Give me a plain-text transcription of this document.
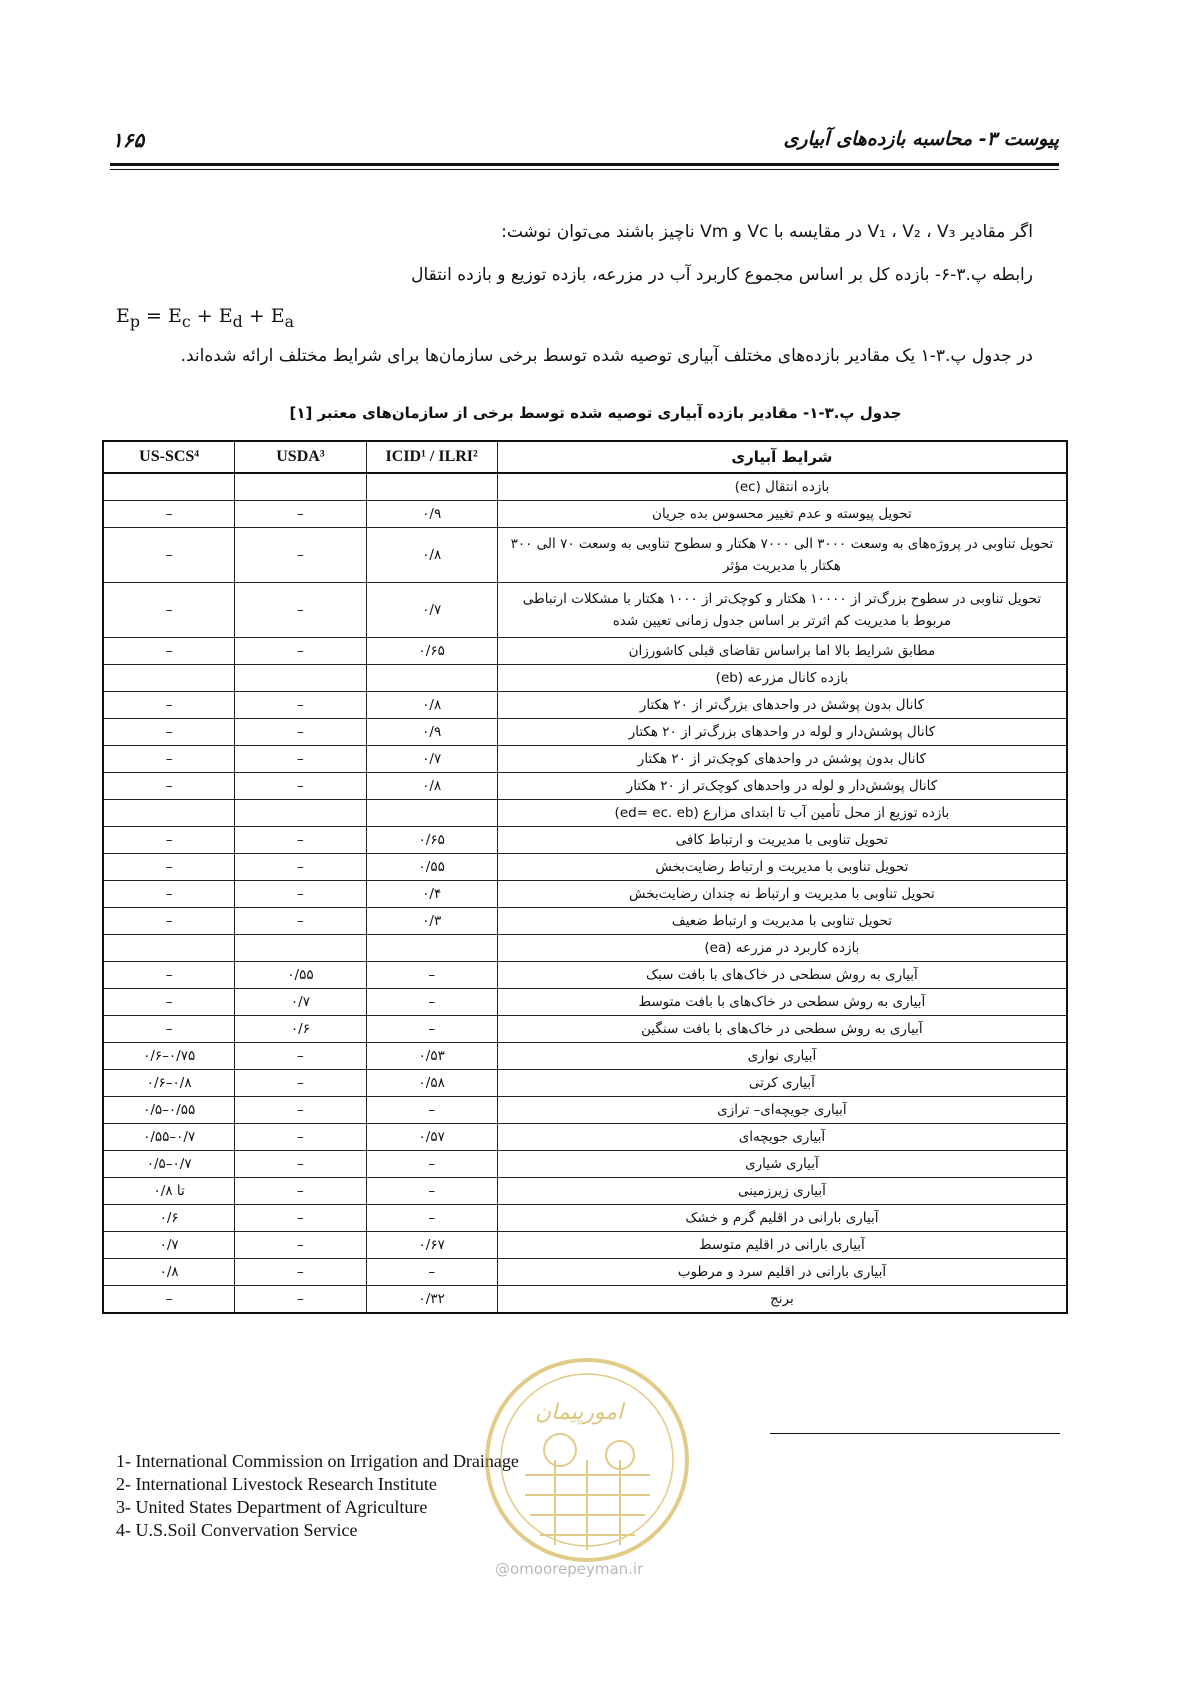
۱۶۵	پیوست ۳- محاسبه بازده‌های آبیاری
اگر مقادیر V₁ ، V₂ ، V₃ در مقایسه با Vc و Vm ناچیز باشند می‌توان نوشت:
رابطه پ.۳-۶- بازده کل بر اساس مجموع کاربرد آب در مزرعه، بازده توزیع و بازده انتقال
$E_p = E_c + E_d + E_a$
در جدول پ.۳-۱ یک مقادیر بازده‌های مختلف آبیاری توصیه شده توسط برخی سازمان‌ها برای شرایط مختلف ارائه شده‌اند.
جدول پ.۳-۱- مقادیر بازده آبیاری توصیه شده توسط برخی از سازمان‌های معتبر [۱]
شرایط آبیاری	ICID¹ / ILRI²	USDA³	US-SCS⁴
بازده انتقال (ec)			
تحویل پیوسته و عدم تغییر محسوس بده جریان	۰/۹	–	–
تحویل تناوبی در پروژه‌های به وسعت ۳۰۰۰ الی ۷۰۰۰ هکتار و سطوح تناوبی به وسعت ۷۰ الی ۳۰۰ هکتار با مدیریت مؤثر	۰/۸	–	–
تحویل تناوبی در سطوح بزرگ‌تر از ۱۰۰۰۰ هکتار و کوچک‌تر از ۱۰۰۰ هکتار با مشکلات ارتباطی مربوط با مدیریت کم اثرتر بر اساس جدول زمانی تعیین شده	۰/۷	–	–
مطابق شرایط بالا اما براساس تقاضای قبلی کاشورزان	۰/۶۵	–	–
بازده کانال مزرعه (eb)			
کانال بدون پوشش در واحدهای بزرگ‌تر از ۲۰ هکتار	۰/۸	–	–
کانال پوشش‌دار و لوله در واحدهای بزرگ‌تر از ۲۰ هکتار	۰/۹	–	–
کانال بدون پوشش در واحدهای کوچک‌تر از ۲۰ هکتار	۰/۷	–	–
کانال پوشش‌دار و لوله در واحدهای کوچک‌تر از ۲۰ هکتار	۰/۸	–	–
بازده توزیع از محل تأمین آب تا ابتدای مزارع (ed= ec. eb)			
تحویل تناوبی با مدیریت و ارتباط کافی	۰/۶۵	–	–
تحویل تناوبی با مدیریت و ارتباط رضایت‌بخش	۰/۵۵	–	–
تحویل تناوبی با مدیریت و ارتباط نه چندان رضایت‌بخش	۰/۴	–	–
تحویل تناوبی با مدیریت و ارتباط ضعیف	۰/۳	–	–
بازده کاربرد در مزرعه (ea)			
آبیاری به روش سطحی در خاک‌های با بافت سبک	–	۰/۵۵	–
آبیاری به روش سطحی در خاک‌های با بافت متوسط	–	۰/۷	–
آبیاری به روش سطحی در خاک‌های با بافت سنگین	–	۰/۶	–
آبیاری نواری	۰/۵۳	–	۰/۷۵–۰/۶
آبیاری کرتی	۰/۵۸	–	۰/۸–۰/۶
آبیاری جویچه‌ای– ترازی	–	–	۰/۵۵–۰/۵
آبیاری جویچه‌ای	۰/۵۷	–	۰/۷–۰/۵۵
آبیاری شیاری	–	–	۰/۷–۰/۵
آبیاری زیرزمینی	–	–	تا ۰/۸
آبیاری بارانی در اقلیم گرم و خشک	–	–	۰/۶
آبیاری بارانی در اقلیم متوسط	۰/۶۷	–	۰/۷
آبیاری بارانی در اقلیم سرد و مرطوب	–	–	۰/۸
برنج	۰/۳۲	–	–
1- International Commission on Irrigation and Drainage
2- International Livestock Research Institute
3- United States Department of Agriculture
4- U.S.Soil Convervation Service
امورپیمان
@omoorepeyman.ir
